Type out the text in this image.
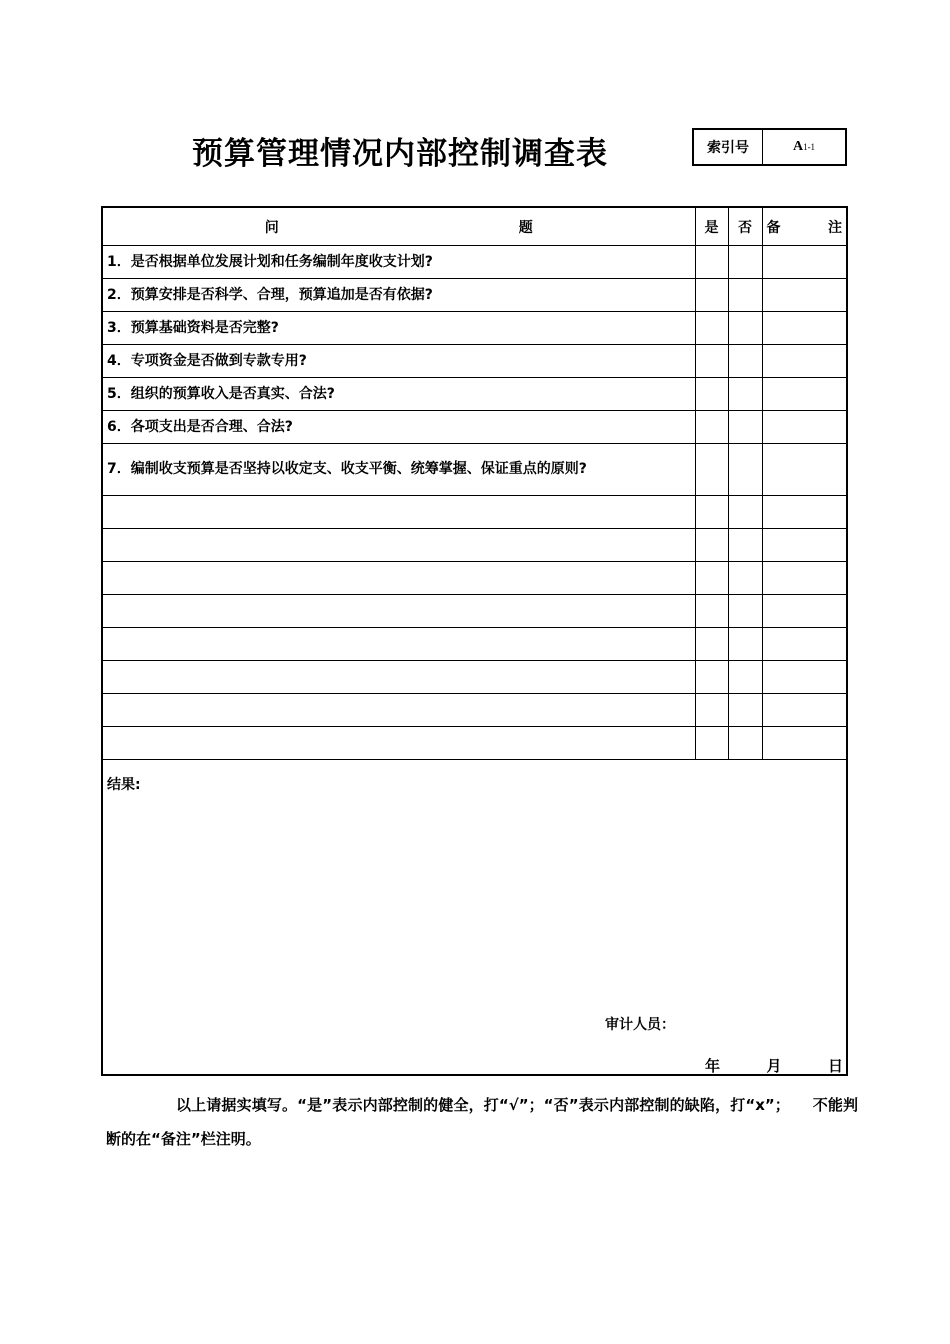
预算管理情况内部控制调查表	索引号	A 1-1
问 题	是	否	备 注

1．是否根据单位发展计划和任务编制年度收支计划?			
2．预算安排是否科学、合理，预算追加是否有依据?			
3．预算基础资料是否完整?			
4．专项资金是否做到专款专用?			
5．组织的预算收入是否真实、合法?			
6．各项支出是否合理、合法?			
7．编制收支预算是否坚持以收定支、收支平衡、统筹掌握、保证重点的原则?			

结果:
审计人员：
年	月	日
以上请据实填写。“是”表示内部控制的健全，打“√”；“否”表示内部控制的缺陷，打“x”；　　不能判断的在“备注”栏注明。
